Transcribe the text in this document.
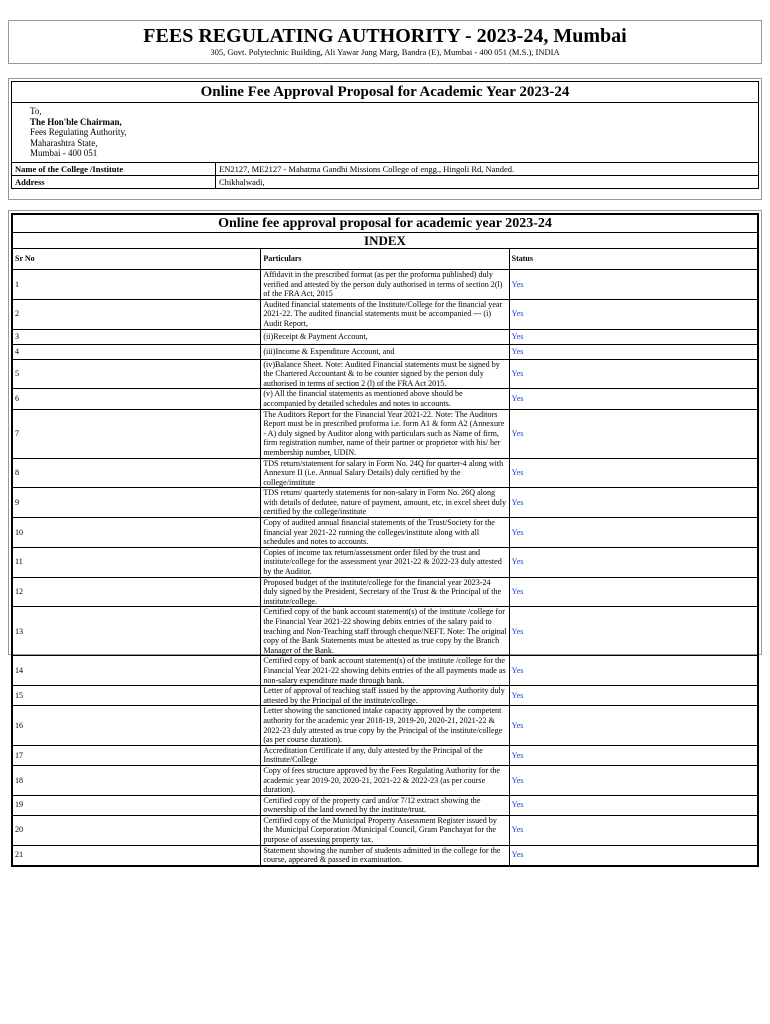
FEES REGULATING AUTHORITY - 2023-24, Mumbai
305, Govt. Polytechnic Building, Ali Yawar Jung Marg, Bandra (E), Mumbai - 400 051 (M.S.), INDIA
Online Fee Approval Proposal for Academic Year 2023-24
To,
The Hon'ble Chairman,
Fees Regulating Authority,
Maharashtra State,
Mumbai - 400 051
Name of the College /Institute	EN2127, ME2127 - Mahatma Gandhi Missions College of engg., Hingoli Rd, Nanded.
Address	Chikhalwadi,
Online fee approval proposal for academic year 2023-24		
INDEX		
Sr No	Particulars	Status
1	Affidavit in the prescribed format (as per the proforma published) duly verified and attested by the person duly authorised in terms of section 2(l) of the FRA Act, 2015	Yes
2	Audited financial statements of the Institute/College for the financial year 2021-22. The audited financial statements must be accompanied --- (i) Audit Report,	Yes
3	(ii)Receipt & Payment Account,	Yes
4	(iii)Income & Expenditure Account, and	Yes
5	(iv)Balance Sheet. Note: Audited Financial statements must be signed by the Chartered Accountant & to be counter signed by the person duly authorised in terms of section 2 (l) of the FRA Act 2015.	Yes
6	(v) All the financial statements as mentioned above should be accompanied by detailed schedules and notes to accounts.	Yes
7	The Auditors Report for the Financial Year 2021-22. Note: The Auditors Report must be in prescribed proforma i.e. form A1 & form A2 (Annexure - A) duly signed by Auditor along with particulars such as Name of firm, firm registration number, name of their partner or proprietor with his/ her membership number, UDIN.	Yes
8	TDS return/statement for salary in Form No. 24Q for quarter-4 along with Annexure II (i.e. Annual Salary Details) duly certified by the college/institute	Yes
9	TDS return/ quarterly statements for non-salary in Form No. 26Q along with details of dedutee, nature of payment, amount, etc, in excel sheet duly certified by the college/institute	Yes
10	Copy of audited annual financial statements of the Trust/Society for the financial year 2021-22 running the colleges/institute along with all schedules and notes to accounts.	Yes
11	Copies of income tax return/assessment order filed by the trust and institute/college for the assessment year 2021-22 & 2022-23 duly attested by the Auditor.	Yes
12	Proposed budget of the institute/college for the financial year 2023-24 duly signed by the President, Secretary of the Trust & the Principal of the institute/college.	Yes
13	Certified copy of the bank account statement(s) of the institute /college for the Financial Year 2021-22 showing debits entries of the salary paid to teaching and Non-Teaching staff through cheque/NEFT. Note: The original copy of the Bank Statements must be attested as true copy by the Branch Manager of the Bank.	Yes
14	Certified copy of bank account statement(s) of the institute /college for the Financial Year 2021-22 showing debits entries of the all payments made as non-salary expenditure made through bank.	Yes
15	Letter of approval of teaching staff issued by the approving Authority duly attested by the Principal of the institute/college.	Yes
16	Letter showing the sanctioned intake capacity approved by the competent authority for the academic year 2018-19, 2019-20, 2020-21, 2021-22 & 2022-23 duly attested as true copy by the Principal of the institute/college (as per course duration).	Yes
17	Accreditation Certificate if any, duly attested by the Principal of the Institute/College	Yes
18	Copy of fees structure approved by the Fees Regulating Authority for the academic year 2019-20, 2020-21, 2021-22 & 2022-23 (as per course duration).	Yes
19	Certified copy of the property card and/or 7/12 extract showing the ownership of the land owned by the institute/trust.	Yes
20	Certified copy of the Municipal Property Assessment Register issued by the Municipal Corporation /Municipal Council, Gram Panchayat for the purpose of assessing property tax.	Yes
21	Statement showing the number of students admitted in the college for the course, appeared & passed in examination.	Yes
